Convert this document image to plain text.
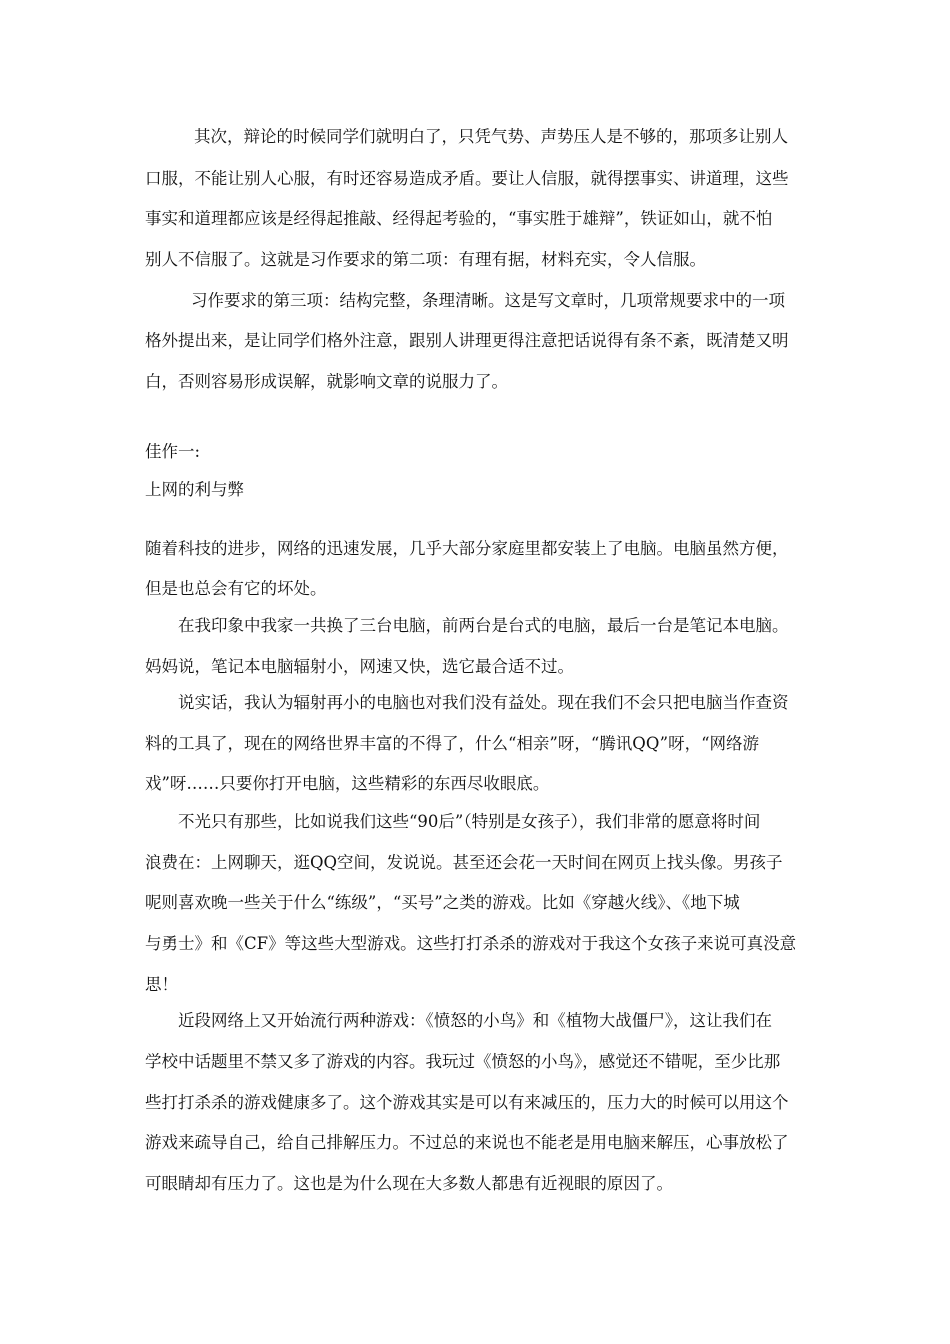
其次，辩论的时候同学们就明白了，只凭气势、声势压人是不够的，那项多让别人
口服，不能让别人心服，有时还容易造成矛盾。要让人信服，就得摆事实、讲道理，这些
事实和道理都应该是经得起推敲、经得起考验的，“事实胜于雄辩”，铁证如山，就不怕
别人不信服了。这就是习作要求的第二项：有理有据，材料充实，令人信服。
习作要求的第三项：结构完整，条理清晰。这是写文章时，几项常规要求中的一项
格外提出来，是让同学们格外注意，跟别人讲理更得注意把话说得有条不紊，既清楚又明
白，否则容易形成误解，就影响文章的说服力了。
佳作一:
上网的利与弊
随着科技的进步，网络的迅速发展，几乎大部分家庭里都安装上了电脑。电脑虽然方便，
但是也总会有它的坏处。
在我印象中我家一共换了三台电脑，前两台是台式的电脑，最后一台是笔记本电脑。
妈妈说，笔记本电脑辐射小，网速又快，选它最合适不过。
说实话，我认为辐射再小的电脑也对我们没有益处。现在我们不会只把电脑当作查资
料的工具了，现在的网络世界丰富的不得了，什么“相亲”呀，“腾讯QQ”呀，“网络游
戏”呀……只要你打开电脑，这些精彩的东西尽收眼底。
不光只有那些，比如说我们这些“90后”（特别是女孩子），我们非常的愿意将时间
浪费在：上网聊天，逛QQ空间，发说说。甚至还会花一天时间在网页上找头像。男孩子
呢则喜欢晚一些关于什么“练级”，“买号”之类的游戏。比如《穿越火线》、《地下城
与勇士》和《CF》等这些大型游戏。这些打打杀杀的游戏对于我这个女孩子来说可真没意
思！
近段网络上又开始流行两种游戏：《愤怒的小鸟》和《植物大战僵尸》，这让我们在
学校中话题里不禁又多了游戏的内容。我玩过《愤怒的小鸟》，感觉还不错呢，至少比那
些打打杀杀的游戏健康多了。这个游戏其实是可以有来减压的，压力大的时候可以用这个
游戏来疏导自己，给自己排解压力。不过总的来说也不能老是用电脑来解压，心事放松了
可眼睛却有压力了。这也是为什么现在大多数人都患有近视眼的原因了。
